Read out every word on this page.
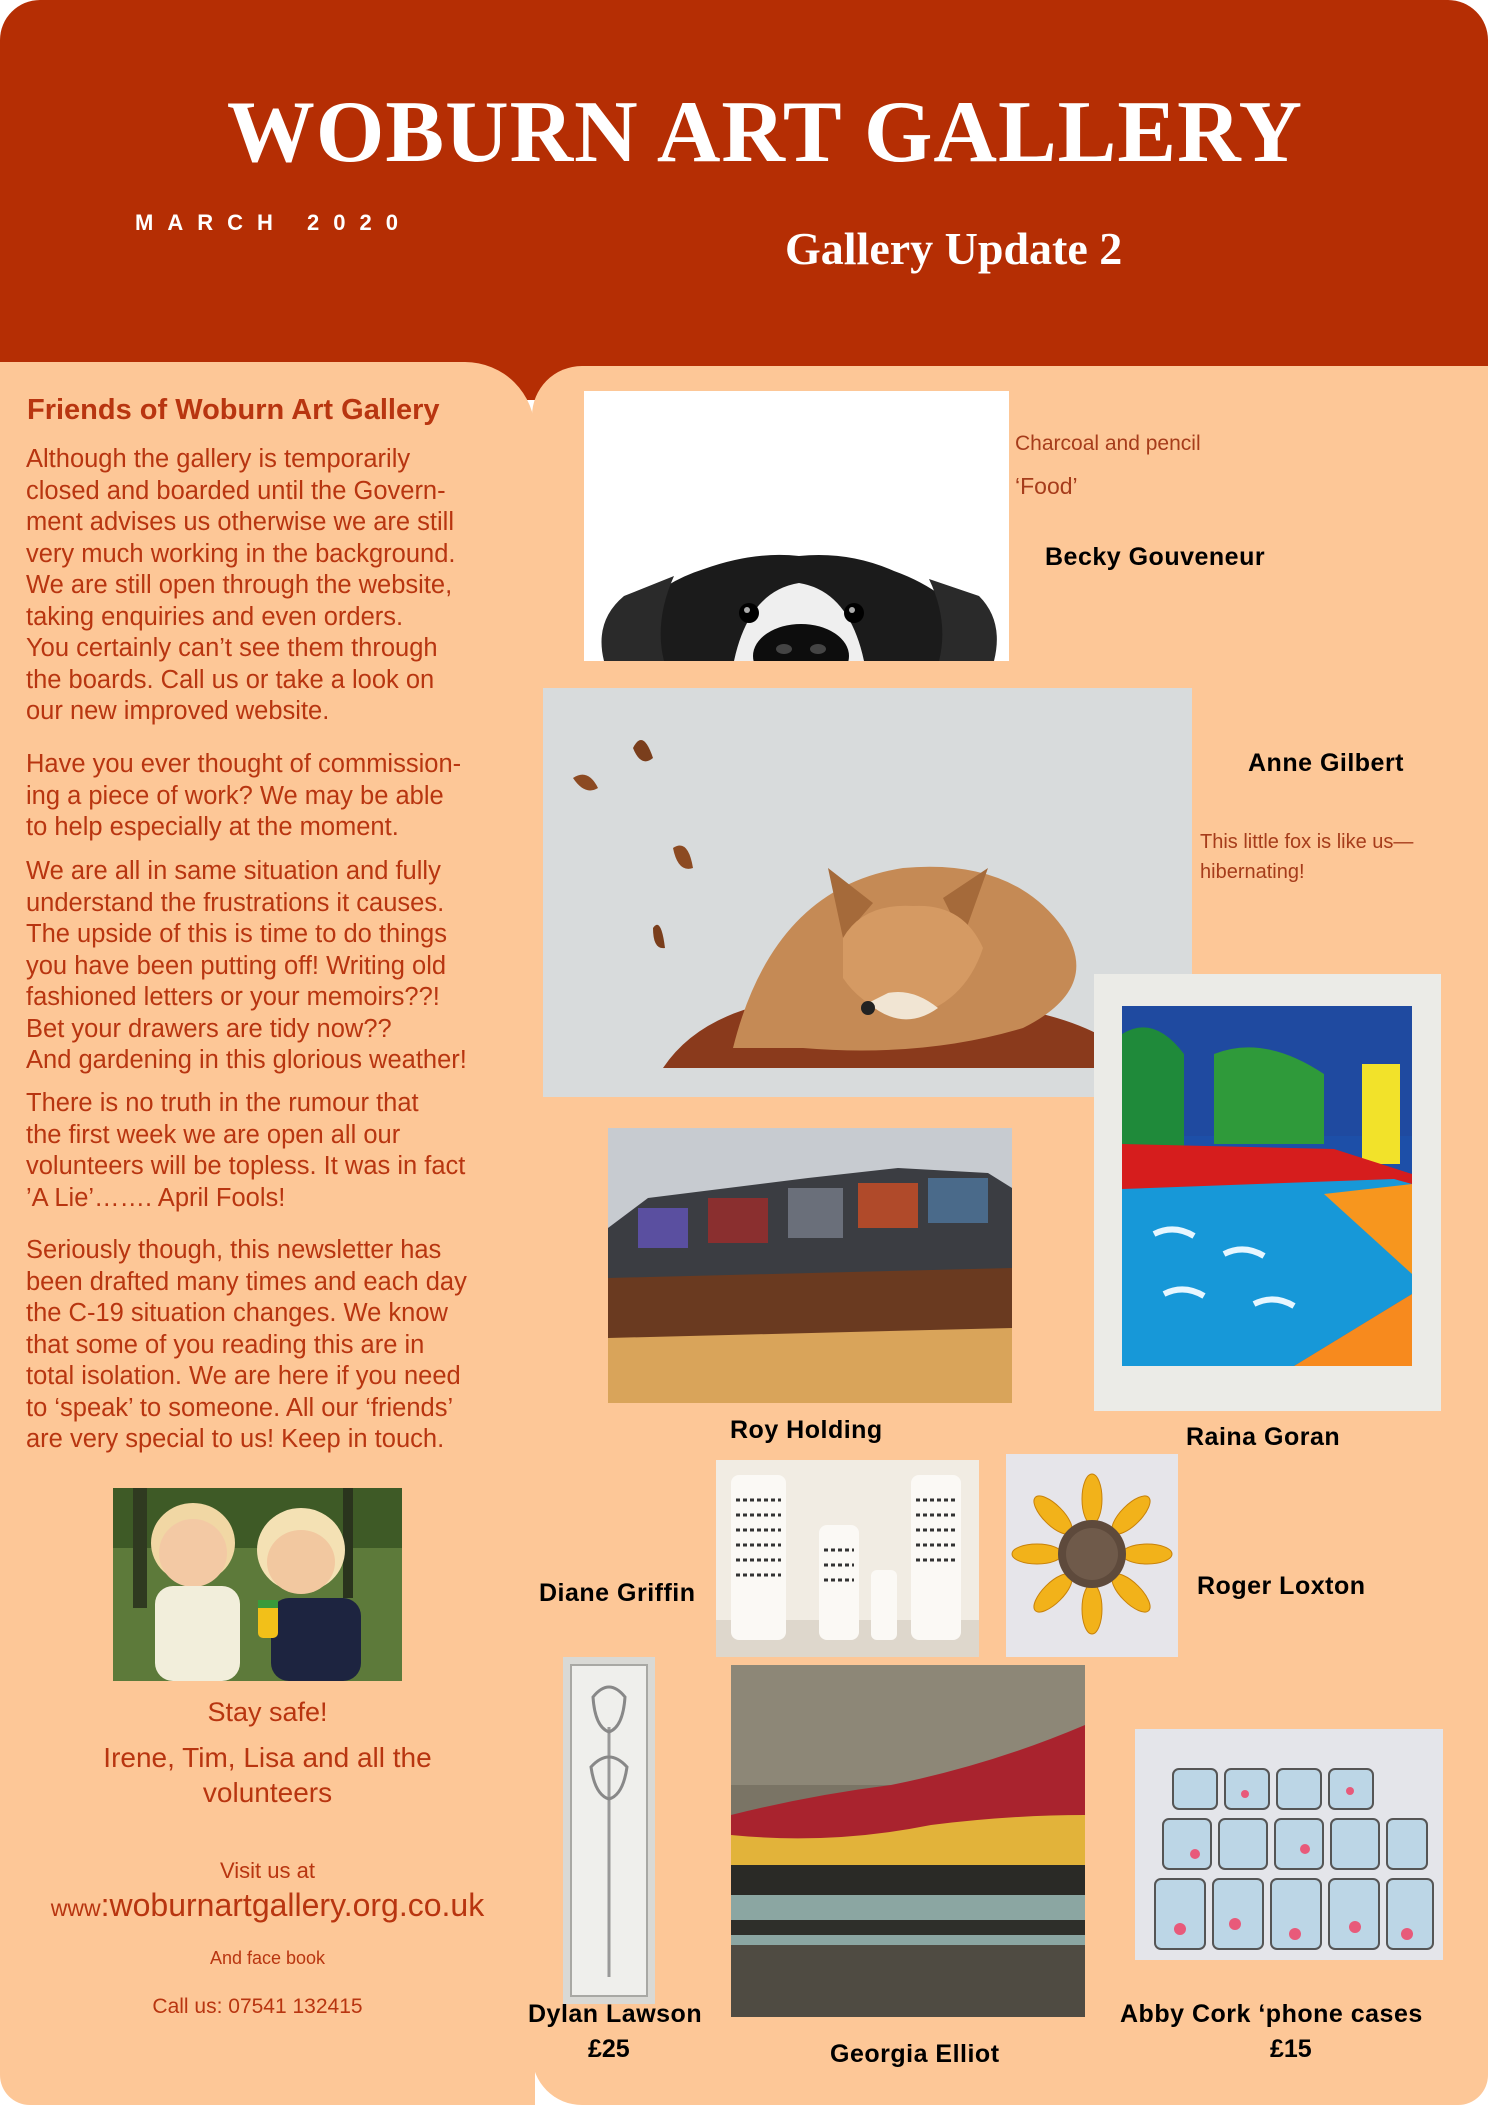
WOBURN ART GALLERY
MARCH 2020
Gallery Update 2
Friends of Woburn Art Gallery

Although the gallery is temporarily
closed and boarded until the Govern-
ment advises us otherwise we are still
very much working in the background.
We are still open through the website,
taking enquiries and even orders.
You certainly can’t see them through
the boards. Call us or take a look on
our new improved website.

Have you ever thought of commission-
ing a piece of work? We may be able
to help especially at the moment.

We are all in same situation and fully
understand the frustrations it causes.
The upside of this is time to do things
you have been putting off! Writing old
fashioned letters or your memoirs??!
Bet your drawers are tidy now??
And gardening in this glorious weather!

There is no truth in the rumour that
the first week we are open all our
volunteers will be topless. It was in fact
’A Lie’……. April Fools!

Seriously though, this newsletter has
been drafted many times and each day
the C-19 situation changes. We know
that some of you reading this are in
total isolation. We are here if you need
to ‘speak’ to someone. All our ‘friends’
are very special to us! Keep in touch.

Stay safe!
Irene, Tim, Lisa and all the
volunteers
Visit us at
www:woburnartgallery.org.co.uk
And face book
Call us: 07541 132415
Charcoal and pencil
‘Food’
Becky Gouveneur
Anne Gilbert
This little fox is like us—
hibernating!
Raina Goran
Roy Holding
Diane Griffin	Roger Loxton
Dylan Lawson
£25	Georgia Elliot
Abby Cork ‘phone cases
£15
